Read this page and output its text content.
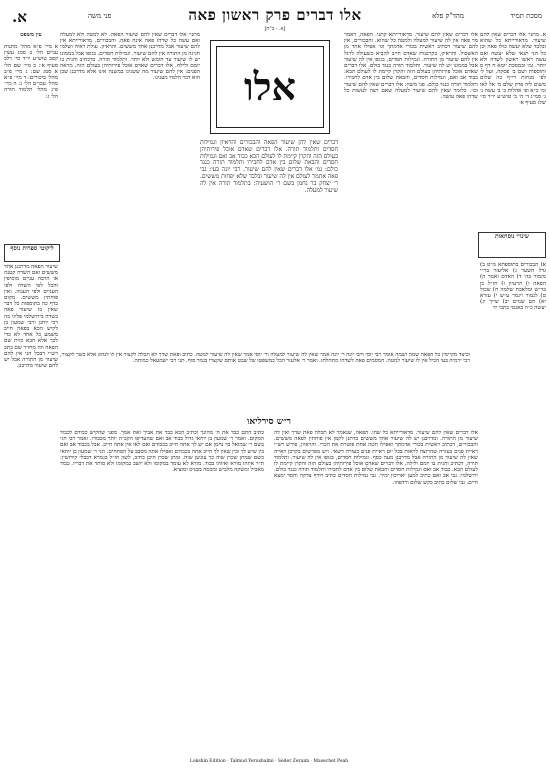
מסכת תמיד
מהד"ק פלא
אלו דברים פרק ראשון פאה
פני משה
א.
[א. - ב"ח]

א. מתני׳ אלו דברים שאין להם שיעור. מדאורייתא כל שהוא ובלבד שלא יעשה כולו פאה וכן כל הני תנאי שלא יעשה ואם עשה ראשו ראשון לשדה ולא יותר. גמ׳ ובמסכת יומא ח דף ס ותוספות ושם ב׳ פסקה. ועל ל׳ לפ׳ מנחות רי״ף כה שלום משום ליה פרק שלם מ׳ אל לאו ומ׳ כ״א ופ׳ אהלות ב׳ ב׳ עשה נ׳ ג׳ סמ״ג ד׳ ה׳ ב׳ טוש״ע יו״ד סי׳ שלג סעיף א׳

שינויי נוסחאות

א) הבכורים בתוספתא מ״ט ב) גדל השער ג) אליעזר בר״י מזמור בה׳ ד) האדם ואמר ה) הפאה ו) הרעיון ז) חז״ל כן בר״ש ומלאכת שלמה ח) שכול ט) לגמור ויגמר ע״ש י) עזרא יא) הם שנוים יב) שייך יג) יעשה כ״ה באנטי כתבי יד

עין משפט

א מיי׳ פ״א מהל׳ מתנות עניים הל׳ ב סמג עשין קסב טוש״ע יו״ד סי׳ רלב סעיף א׳: ב מיי׳ שם הל׳ א סמג שם: ג מיי׳ פ״ב מהל׳ ביכורים: ד מיי׳ פ״א מהל׳ עכו״ם הל׳ ג: ה מיי׳ פ״ג מהל׳ תלמוד תורה הל׳ ג:

ליקוטי ספרות נוסף

שיעור הפאה מדרבנן אחד מששים ואם השדה קטנה או הרבה עניים מוסיפין והכל לפי השדה ולפי העניים ולפי הענוה. ואין פוחתין מששים. מקום בדף כה בתוספות כל דבר שאין בו שיעור פאה בשדה בירושלמי פליגי בה רבי יוחנן ורבי שמעון בן לקיש הכא בפאה חייב משמע כל אחד לא כדי לכך אלא הבא כזית שם הפאה וזה מחזיר שם כתב רש״י דבכל הני אין להם שיעור מן התורה אבל יש להם שיעור מדרבנן.

אלו דברים שאין להם שיעור. מדאורייתא קתני. הפאה, דאמר מר פאה אין לה שיעור למעלה ולמטה כל שהוא. והבכורים, אין להם שיעור דכתיב ראשית בכורי אדמתך וגו׳ אפילו אחד מן האשכול. והראיון, בקרבנות שאדם חייב להביא כשעולה לרגל אין להם שיעור מן התורה. וגמילות חסדים, בגופו אין לה שיעור אבל בממונו יש לה שיעור. ותלמוד תורה כנגד כולם. אלו דברים שאדם אוכל פירותיהן בעולם הזה והקרן קיימת לו לעולם הבא: כבוד אב ואם, וגמילות חסדים, והבאת שלום בין אדם לחבירו. ותלמוד תורה כנגד כולם. פני משה: אלו דברים שאין להם שיעור וכו׳. כלומר שאין להם שיעור למעלה שאם רצה לעשות כל שדהו פאה עושה.

מתני׳ אלו דברים שאין להם שיעור הפאה. לא למטה ולא למעלה ואם עשה כל שדהו פאה אינה פאה. והבכורים. מדאורייתא אין להם שיעור אבל מדרבנן אחד מששים. והראיון. עולת ראיה ושלמי חגיגה מן התורה אין להם שיעור. וגמילות חסדים. בגופו אבל בממונו יש לו שיעור עד חומש ולא יותר. ותלמוד תורה. כדכתיב והגית בו יומם ולילה. אלו דברים שאדם אוכל פירותיהן בעולם הזה. מראה הפנים: אין להם שיעור מה ששנינו במשנה אינו אלא מדרבנן שכן הוא דבר הלמד מענינו. אלו

דברים שאין להן שיעור הפאה והבכורים והראיון וגמילות חסדים ותלמוד תורה. אלו דברים שאדם אוכל פירותיהן בעולם הזה והקרן קיימת לו לעולם הבא כבוד אב ואם וגמילות חסדים והבאת שלום בין אדם לחבירו ותלמוד תורה כנגד כולם: גמ׳ אלו דברים שאין להם שיעור. רבי יונה בעי: גבי פאה אתמר לעולם אין לה שיעור ובלבד שלא יפחות מששים. ר׳ יצחק בר נחמן בשם ר׳ הושעיה: בתלמוד תורה אין לה שיעור למעלה.

וכיצד מקיימין כל הפאה שמה ושמה אומר רבי יוסי ורבי יונה ר׳ יונה אמר שאין לה שיעור למעלה ור׳ יוסי אמר שאין לה שיעור למטה. כתיב ופאת שדך לא תכלה לקצור אין לו לנהוג אלא כשר לקצור, רבי ירמיה בעי הכיל אין לו שיעור למטה. המסמים פאה לשדהו מתחלתו. ואמר ר׳ אלעזר הכל כמשפטו של שבט אותם שקצרו בגמר סוף. תני רבי ישמעאל כמותה.

ר״ש סירליאו

אלו דברים שאין להם שיעור. מדאורייתא כל שהו. הפאה, שנאמר לא תכלה פאת שדך ואין לה שיעור מן התורה. ומדרבנן יש לה שיעור אחד מששים כדתנן לקמן אין פוחתין לפאה מששים. והבכורים, דכתיב ראשית בכורי אדמתך ואפילו חטה אחת פוטרת את הכרי. והראיון, פירש רש״י ראיית פנים בעזרה שהרוצה לראות בכל יום ראיית פנים בעזרה רשאי. ויש מפרשים בקרבן ראייה שאין לה שיעור מן התורה אבל מדרבנן מעה כסף. וגמילות חסדים, בגופו אין לה שיעור. ותלמוד תורה, דכתיב והגית בו יומם ולילה. אלו דברים שאדם אוכל פירותיהן בעולם הזה והקרן קיימת לו לעולם הבא. כבוד אב ואם וגמילות חסדים והבאת שלום בין אדם לחבירו ותלמוד תורה כנגד כולם. ירושלמי: גבי אב ואם כתיב למען יאריכון ימיך. גבי גמילות חסדים כתיב רודף צדקה וחסד ימצא חיים. גבי שלום כתיב בקש שלום ורדפהו.

כתיב התם כבד את ה׳ מהונך וכתיב הכא כבד את אביך ואת אמך. מפני שהקיש כבודם לכבוד המקום. ואמר ר׳ שמעון בן יוחאי גדול כבוד אב ואם שהעדיפו הקב״ה יותר מכבודו. ואמר רבי חגי בשם ר׳ שמואל בר נחמן אם יש לך אתה חייב בכבודם ואם לאו אין אתה חייב. אבל בכבוד אב ואם בין שיש לך ובין שאין לך חייב אתה בכבודם ואפילו אתה מסבב על הפתחים. תני ר׳ שמעון בן יוחאי כשם שמתן שכרן שוה כך עונשן שוה. ומתן שכרן היכן כתיב, לשון חז״ל בגמרא דבבלי קידושין: ת״ר איזהו מורא ואיזהו כבוד. מורא לא עומד במקומו ולא יושב במקומו ולא סותר את דבריו. כבוד מאכיל ומשקה מלביש ומכסה מכניס ומוציא.

Lokshin Edition · Talmud Yerushalmi · Seder Zeraim · Masechet Peah
